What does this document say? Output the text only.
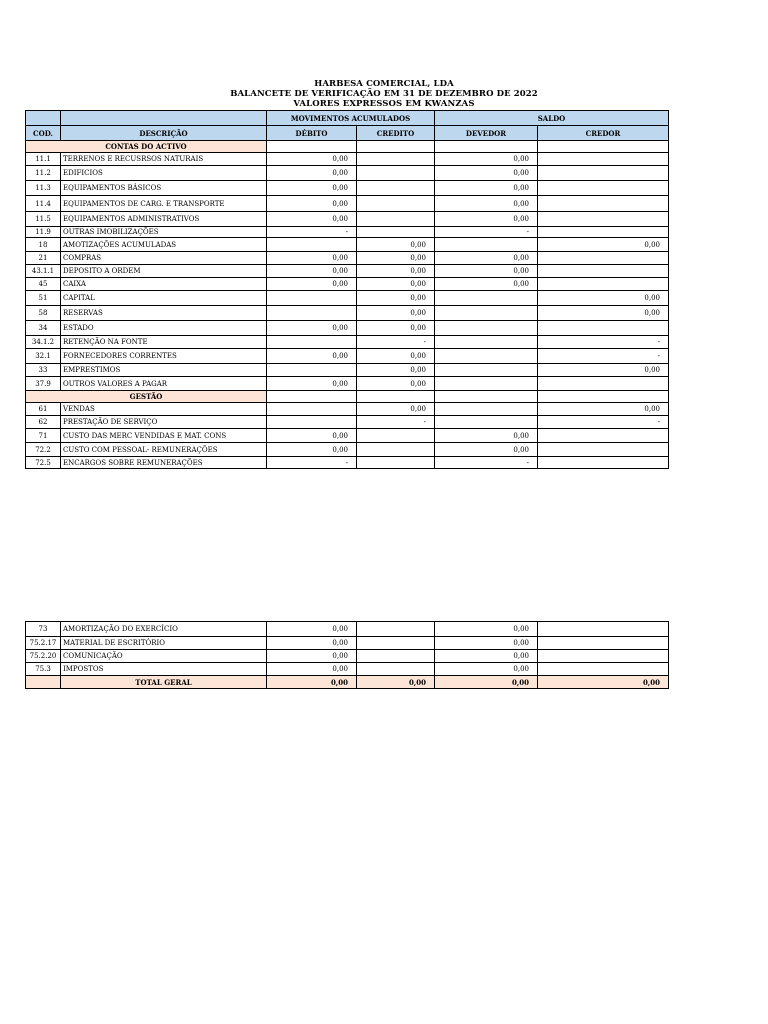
HARBESA COMERCIAL, LDA
BALANCETE DE VERIFICAÇÃO EM 31 DE DEZEMBRO DE 2022
VALORES EXPRESSOS EM KWANZAS
		MOVIMENTOS ACUMULADOS		SALDO	
COD.	DESCRIÇÃO	DÉBITO	CREDITO	DEVEDOR	CREDOR
CONTAS DO ACTIVO					
11.1	TERRENOS E RECUSRSOS NATURAIS	0,00		0,00	
11.2	EDIFICIOS	0,00		0,00	
11.3	EQUIPAMENTOS BÁSICOS	0,00		0,00	
11.4	EQUIPAMENTOS DE CARG. E TRANSPORTE	0,00		0,00	
11.5	EQUIPAMENTOS ADMINISTRATIVOS	0,00		0,00	
11.9	OUTRAS IMOBILIZAÇÕES	-		-	
18	AMOTIZAÇÕES ACUMULADAS		0,00		0,00
21	COMPRAS	0,00	0,00	0,00	
43.1.1	DEPOSITO A ORDEM	0,00	0,00	0,00	
45	CAIXA	0,00	0,00	0,00	
51	CAPITAL		0,00		0,00
58	RESERVAS		0,00		0,00
34	ESTADO	0,00	0,00		
34.1.2	RETENÇÃO NA FONTE		-		-
32.1	FORNECEDORES CORRENTES	0,00	0,00		-
33	EMPRESTIMOS		0,00		0,00
37.9	OUTROS VALORES A PAGAR	0,00	0,00		
GESTÃO					
61	VENDAS		0,00		0,00
62	PRESTAÇÃO DE SERVIÇO		-		-
71	CUSTO DAS MERC VENDIDAS E MAT. CONS	0,00		0,00	
72.2	CUSTO COM PESSOAL- REMUNERAÇÕES	0,00		0,00	
72.5	ENCARGOS SOBRE REMUNERAÇÕES	-		-	
73	AMORTIZAÇÃO DO EXERCÍCIO	0,00		0,00	
75.2.17	MATERIAL DE ESCRITÓRIO	0,00		0,00	
75.2.20	COMUNICAÇÃO	0,00		0,00	
75.3	IMPOSTOS	0,00		0,00	
	TOTAL GERAL	0,00	0,00	0,00	0,00
